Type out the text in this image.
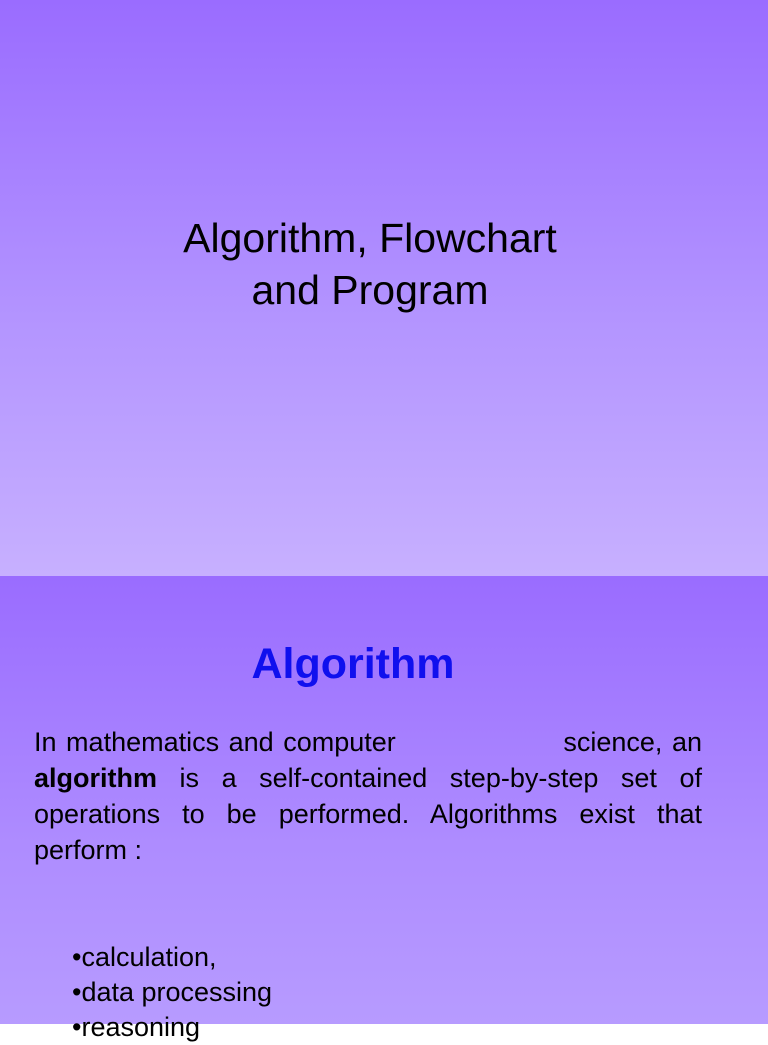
Algorithm, Flowchart
and Program
Algorithm

In mathematics and computer	science, an algorithm is a self-contained step-by-step set of operations to be performed. Algorithms exist that perform :

• calculation,
• data processing
• reasoning
